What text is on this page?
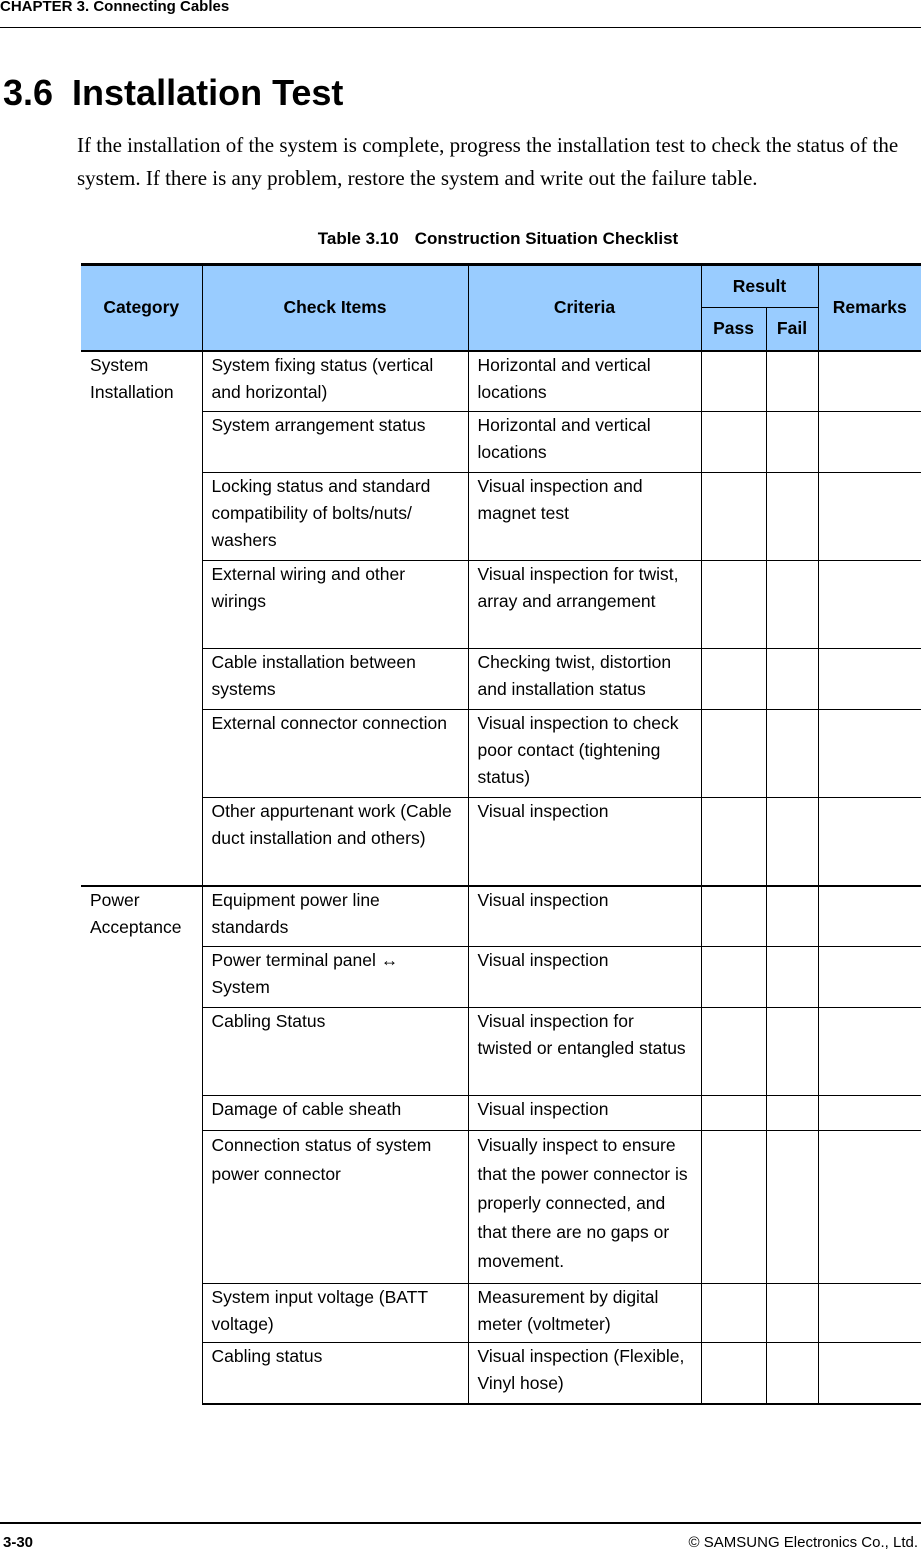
CHAPTER 3. Connecting Cables
3.6 Installation Test

If the installation of the system is complete, progress the installation test to check the status of the system. If there is any problem, restore the system and write out the failure table.

Table 3.10 Construction Situation Checklist
Category	Check Items	Criteria	Result		Remarks
			Pass	Fail	
System Installation	System fixing status (vertical and horizontal)	Horizontal and vertical locations			
	System arrangement status	Horizontal and vertical locations			
	Locking status and standard compatibility of bolts/nuts/ washers	Visual inspection and magnet test			
	External wiring and other wirings	Visual inspection for twist, array and arrangement			
	Cable installation between systems	Checking twist, distortion and installation status			
	External connector connection	Visual inspection to check poor contact (tightening status)			
	Other appurtenant work (Cable duct installation and others)	Visual inspection			
Power Acceptance	Equipment power line standards	Visual inspection			
	Power terminal panel ↔ System	Visual inspection			
	Cabling Status	Visual inspection for twisted or entangled status			
	Damage of cable sheath	Visual inspection			
	Connection status of system power connector	Visually inspect to ensure that the power connector is properly connected, and that there are no gaps or movement.			
	System input voltage (BATT voltage)	Measurement by digital meter (voltmeter)			
	Cabling status	Visual inspection (Flexible, Vinyl hose)			
3-30	© SAMSUNG Electronics Co., Ltd.
